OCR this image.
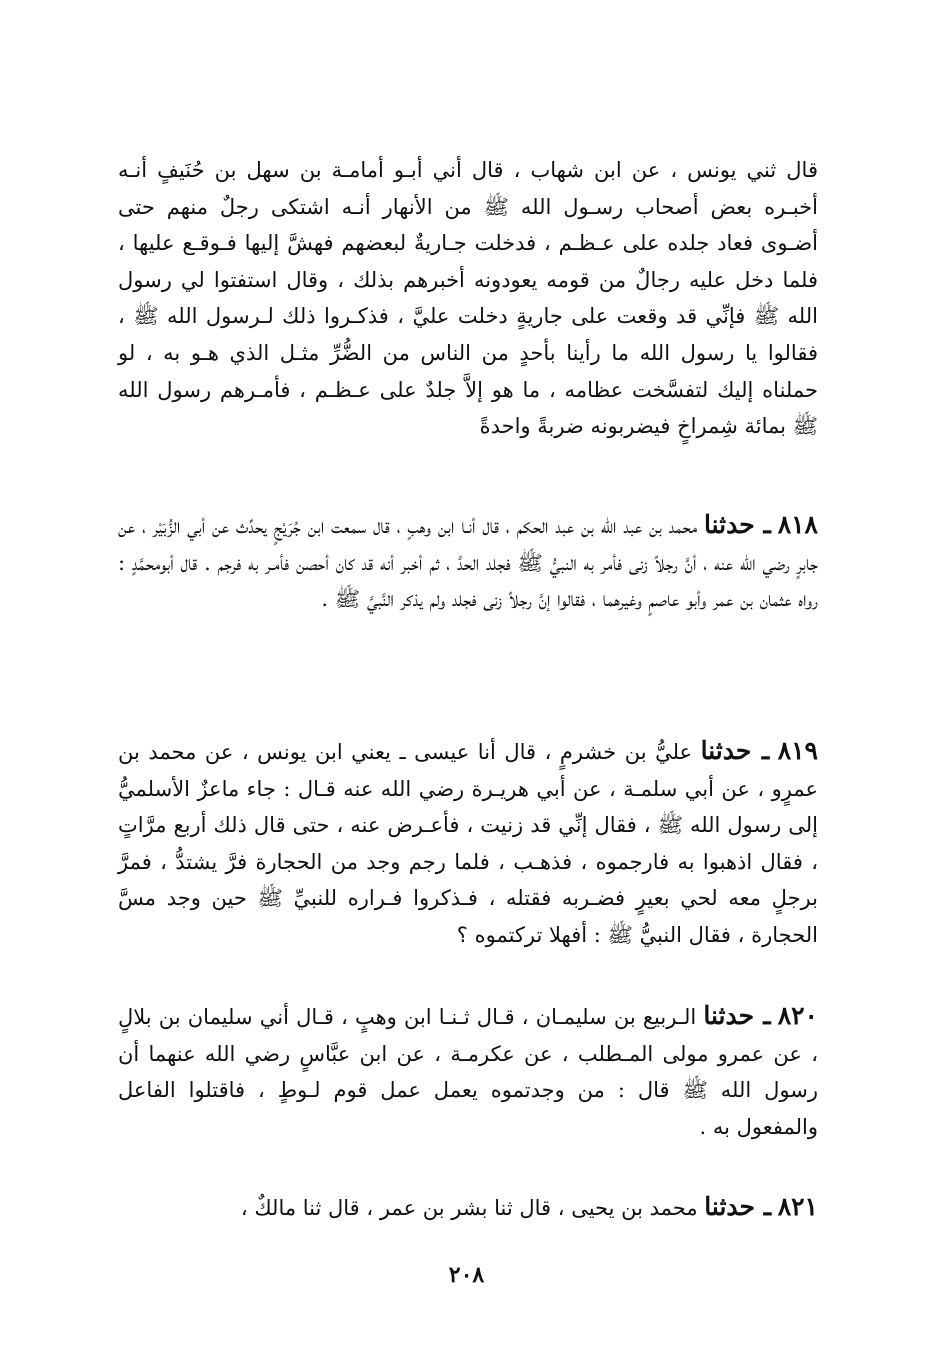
قال ثني يونس ، عن ابن شهاب ، قال أني أبـو أمامـة بن سهل بن حُنَيفٍ أنـه أخبـره بعض أصحاب رسـول الله ﷺ من الأنهار أنـه اشتكى رجلٌ منهم حتى أضـوى فعاد جلده على عـظـم ، فدخلت جـاريةٌ لبعضهم فهشَّ إليها فـوقـع عليها ، فلما دخل عليه رجالٌ من قومه يعودونه أخبرهم بذلك ، وقال استفتوا لي رسول الله ﷺ فإنِّي قد وقعت على جاريةٍ دخلت عليَّ ، فذكـروا ذلك لـرسول الله ﷺ ، فقالوا يا رسول الله ما رأينا بأحدٍ من الناس من الضُّرِّ مثـل الذي هـو به ، لو حملناه إليك لتفسَّخت عظامه ، ما هو إلاَّ جلدٌ على عـظـم ، فأمـرهم رسول الله ﷺ بمائة شِمراخٍ فيضربونه ضربةً واحدةً

٨١٨ ـ حدثنا محمد بن عبد الله بن عبد الحكم ، قال أنـا ابن وهبٍ ، قال سمعت ابن جُرَيْجٍ يحدِّث عن أبي الزُّبَيْر ، عن جابرٍ رضي الله عنه ، أنَّ رجلاً زنى فأمر به النبيُّ ﷺ فجلد الحدَّ ، ثم أخبر أنه قد كان أحصن فأمـر به فرجم . قال أبومحمَّدٍ : رواه عثمان بن عمر وأبو عاصمٍ وغيرهما ، فقالوا إنَّ رجلاً زنى فجلد ولم يذكر النَّبيَّ ﷺ .

٨١٩ ـ حدثنا عليُّ بن خشرمٍ ، قال أنا عيسى ـ يعني ابن يونس ، عن محمد بن عمرٍو ، عن أبي سلمـة ، عن أبي هريـرة رضي الله عنه قـال : جاء ماعزٌ الأسلميُّ إلى رسول الله ﷺ ، فقال إنِّي قد زنيت ، فأعـرض عنه ، حتى قال ذلك أربع مرَّاتٍ ، فقال اذهبوا به فارجموه ، فذهـب ، فلما رجم وجد من الحجارة فرَّ يشتدُّ ، فمرَّ برجلٍ معه لحي بعيرٍ فضـربه فقتله ، فـذكروا فـراره للنبيِّ ﷺ حين وجد مسَّ الحجارة ، فقال النبيُّ ﷺ : أفهلا تركتموه ؟

٨٢٠ ـ حدثنا الـربيع بن سليمـان ، قـال ثـنـا ابن وهبٍ ، قـال أني سليمان بن بلالٍ ، عن عمرو مولى المـطلب ، عن عكرمـة ، عن ابن عبَّاسٍ رضي الله عنهما أن رسول الله ﷺ قال : من وجدتموه يعمل عمل قوم لـوطٍ ، فاقتلوا الفاعل والمفعول به .

٨٢١ ـ حدثنا محمد بن يحيى ، قال ثنا بشر بن عمر ، قال ثنا مالكٌ ،

٢٠٨
